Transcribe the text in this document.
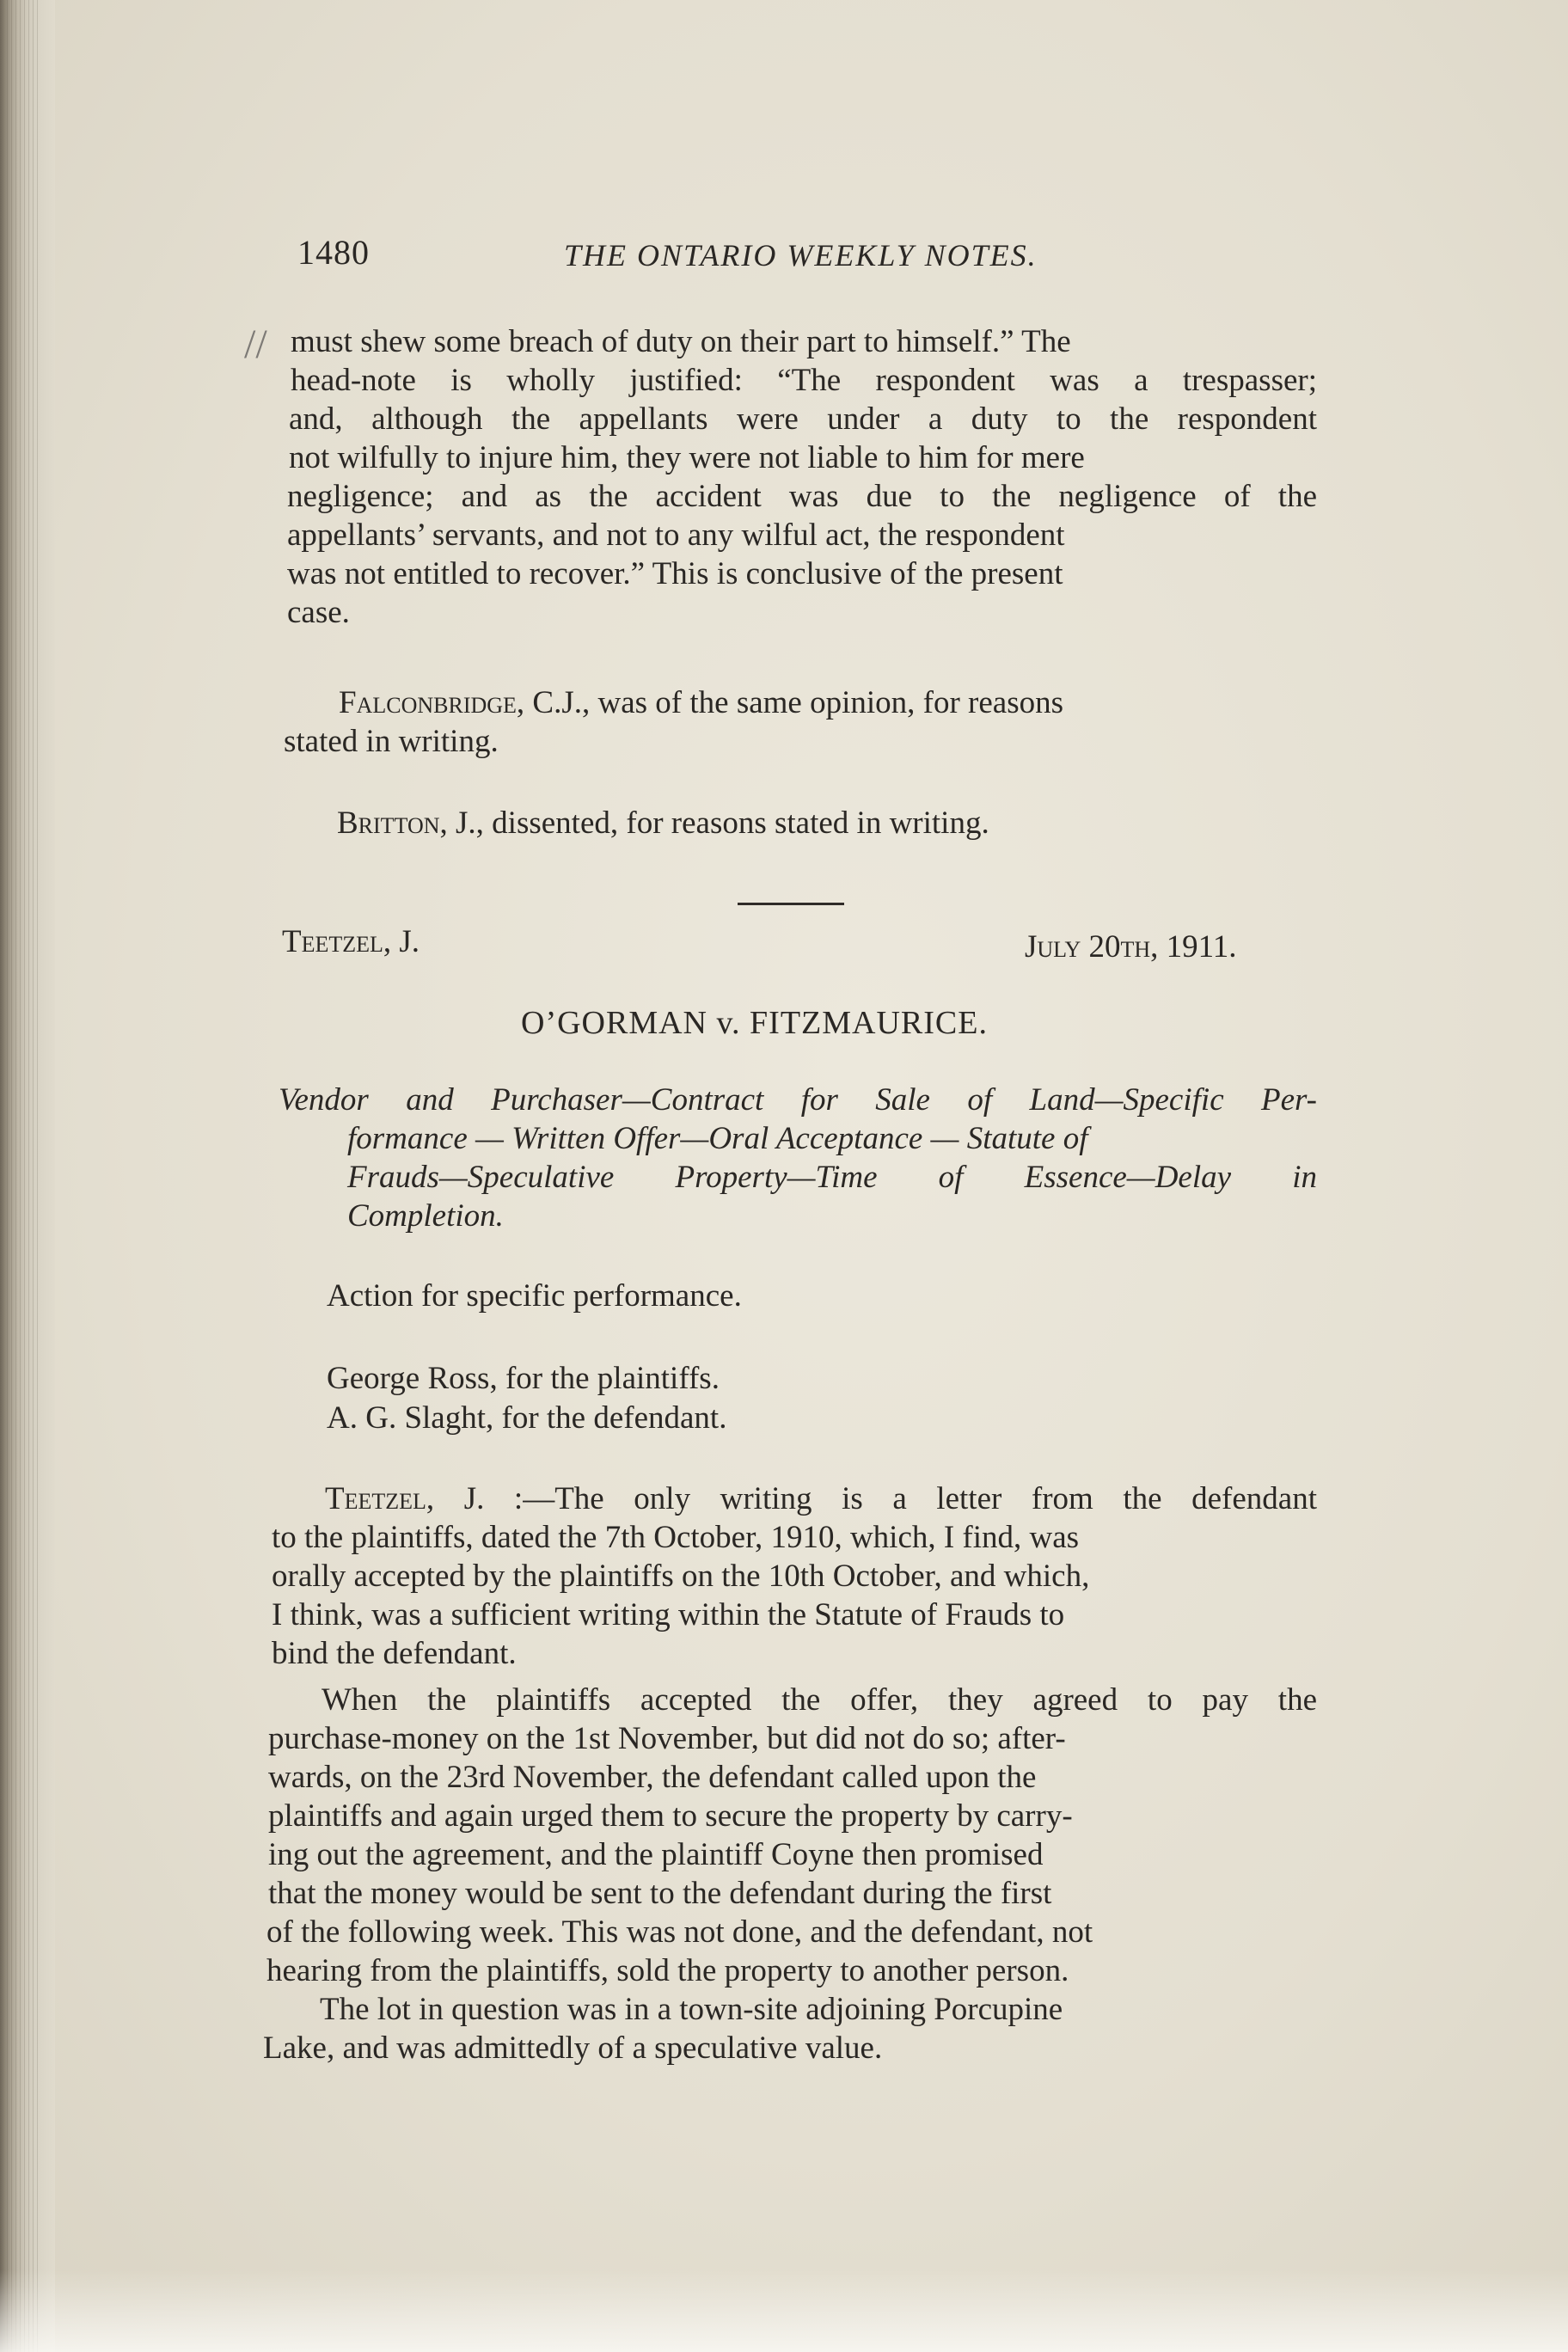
//
1480	THE ONTARIO WEEKLY NOTES.
must shew some breach of duty on their part to himself.” The
head-note is wholly justified: “The respondent was a trespasser;
and, although the appellants were under a duty to the respondent
not wilfully to injure him, they were not liable to him for mere
negligence; and as the accident was due to the negligence of the
appellants’ servants, and not to any wilful act, the respondent
was not entitled to recover.” This is conclusive of the present
case.
Falconbridge, C.J., was of the same opinion, for reasons
stated in writing.
Britton, J., dissented, for reasons stated in writing.
Teetzel, J.	July 20th, 1911.
O’GORMAN v. FITZMAURICE.
Vendor and Purchaser—Contract for Sale of Land—Specific Per-
formance — Written Offer—Oral Acceptance — Statute of
Frauds—Speculative Property—Time of Essence—Delay in
Completion.
Action for specific performance.
George Ross, for the plaintiffs.
A. G. Slaght, for the defendant.
Teetzel, J. :—The only writing is a letter from the defendant
to the plaintiffs, dated the 7th October, 1910, which, I find, was
orally accepted by the plaintiffs on the 10th October, and which,
I think, was a sufficient writing within the Statute of Frauds to
bind the defendant.
When the plaintiffs accepted the offer, they agreed to pay the
purchase-money on the 1st November, but did not do so; after-
wards, on the 23rd November, the defendant called upon the
plaintiffs and again urged them to secure the property by carry-
ing out the agreement, and the plaintiff Coyne then promised
that the money would be sent to the defendant during the first
of the following week. This was not done, and the defendant, not
hearing from the plaintiffs, sold the property to another person.
The lot in question was in a town-site adjoining Porcupine
Lake, and was admittedly of a speculative value.
